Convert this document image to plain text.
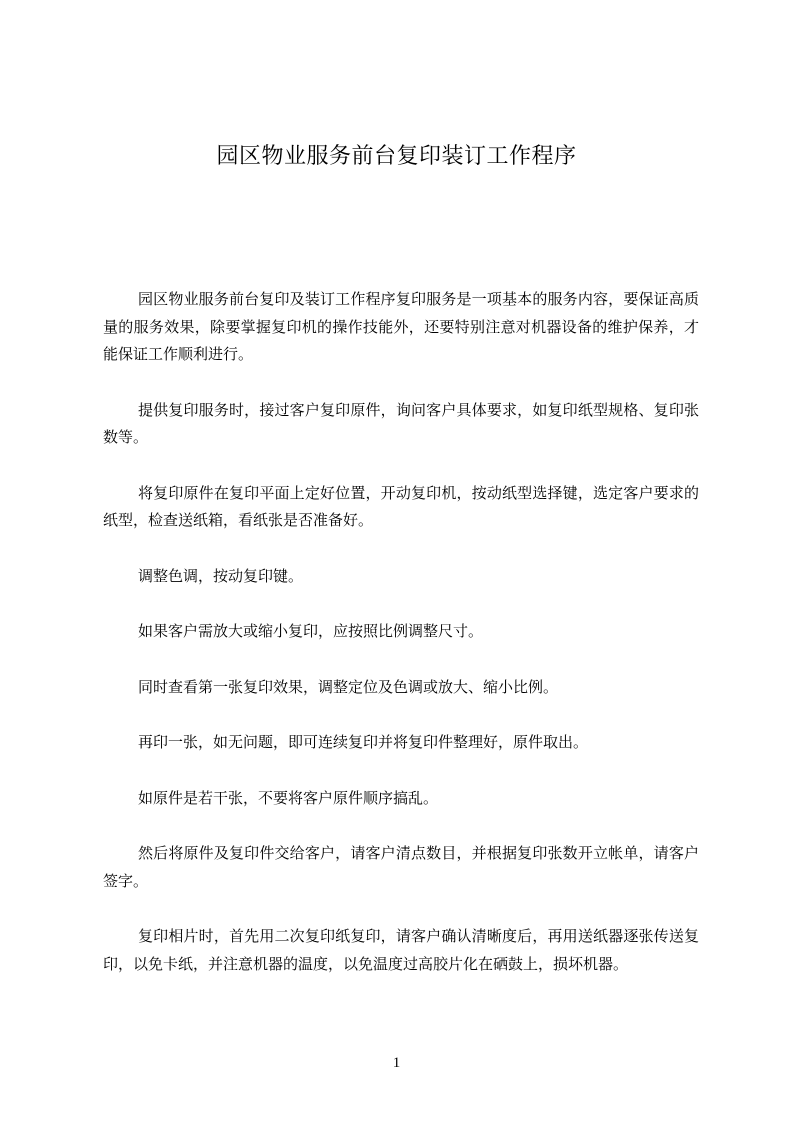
园区物业服务前台复印装订工作程序

园区物业服务前台复印及装订工作程序复印服务是一项基本的服务内容，要保证高质量的服务效果，除要掌握复印机的操作技能外，还要特别注意对机器设备的维护保养，才能保证工作顺利进行。

提供复印服务时，接过客户复印原件，询问客户具体要求，如复印纸型规格、复印张数等。

将复印原件在复印平面上定好位置，开动复印机，按动纸型选择键，选定客户要求的纸型，检查送纸箱，看纸张是否准备好。

调整色调，按动复印键。

如果客户需放大或缩小复印，应按照比例调整尺寸。

同时查看第一张复印效果，调整定位及色调或放大、缩小比例。

再印一张，如无问题，即可连续复印并将复印件整理好，原件取出。

如原件是若干张，不要将客户原件顺序搞乱。

然后将原件及复印件交给客户，请客户清点数目，并根据复印张数开立帐单，请客户签字。

复印相片时，首先用二次复印纸复印，请客户确认清晰度后，再用送纸器逐张传送复印，以免卡纸，并注意机器的温度，以免温度过高胶片化在硒鼓上，损坏机器。

1
